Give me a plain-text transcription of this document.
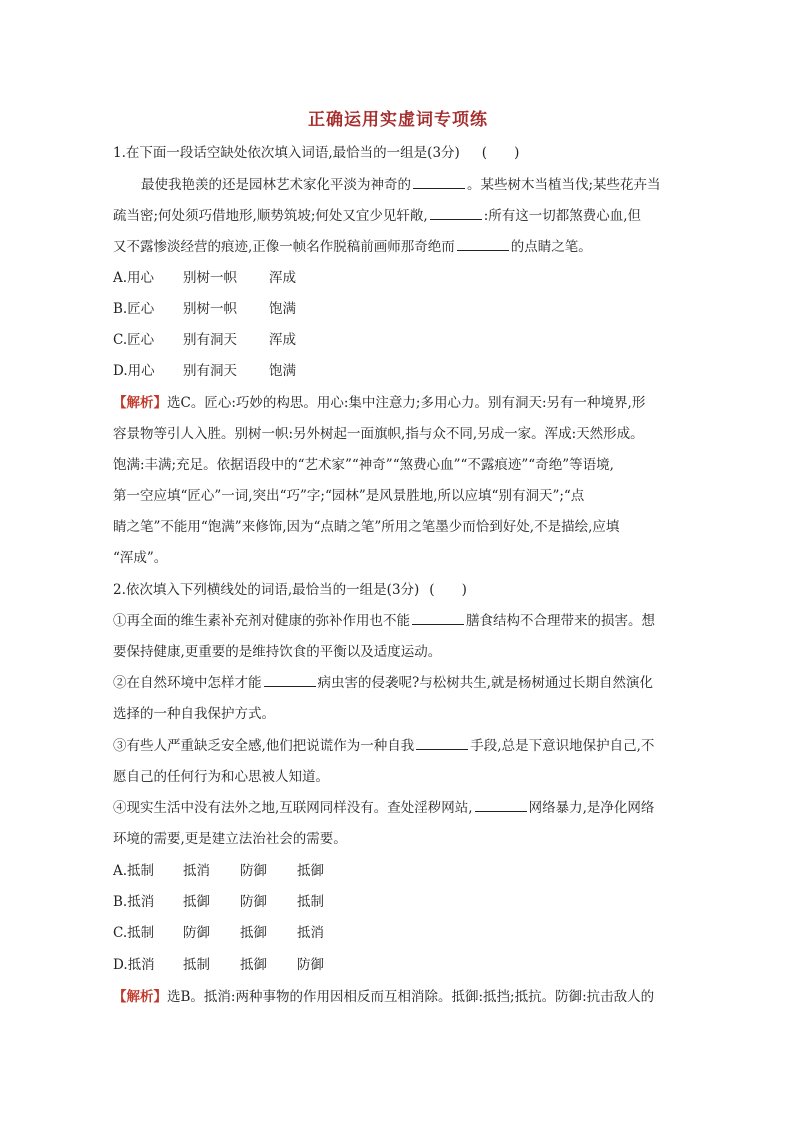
正确运用实虚词专项练
1.在下面一段话空缺处依次填入词语,最恰当的一组是(3分) (　　)
最使我艳羡的还是园林艺术家化平淡为神奇的	。某些树木当植当伐;某些花卉当
疏当密;何处须巧借地形,顺势筑坡;何处又宜少见轩敞,	:所有这一切都煞费心血,但
又不露惨淡经营的痕迹,正像一帧名作脱稿前画师那奇绝而	的点睛之笔。
A.用心 别树一帜 浑成
B.匠心 别树一帜 饱满
C.匠心 别有洞天 浑成
D.用心 别有洞天 饱满
【解析】选C。匠心:巧妙的构思。用心:集中注意力;多用心力。别有洞天:另有一种境界,形
容景物等引人入胜。别树一帜:另外树起一面旗帜,指与众不同,另成一家。浑成:天然形成。
饱满:丰满;充足。依据语段中的“艺术家”“神奇”“煞费心血”“不露痕迹”“奇绝”等语境,
第一空应填“匠心”一词,突出“巧”字;“园林”是风景胜地,所以应填“别有洞天”;“点
睛之笔”不能用“饱满”来修饰,因为“点睛之笔”所用之笔墨少而恰到好处,不是描绘,应填
“浑成”。
2.依次填入下列横线处的词语,最恰当的一组是(3分) (　　)
①再全面的维生素补充剂对健康的弥补作用也不能	膳食结构不合理带来的损害。想
要保持健康,更重要的是维持饮食的平衡以及适度运动。
②在自然环境中怎样才能	病虫害的侵袭呢?与松树共生,就是杨树通过长期自然演化
选择的一种自我保护方式。
③有些人严重缺乏安全感,他们把说谎作为一种自我	手段,总是下意识地保护自己,不
愿自己的任何行为和心思被人知道。
④现实生活中没有法外之地,互联网同样没有。查处淫秽网站,	网络暴力,是净化网络
环境的需要,更是建立法治社会的需要。
A.抵制 抵消 防御 抵御
B.抵消 抵御 防御 抵制
C.抵制 防御 抵御 抵消
D.抵消 抵制 抵御 防御
【解析】选B。抵消:两种事物的作用因相反而互相消除。抵御:抵挡;抵抗。防御:抗击敌人的
